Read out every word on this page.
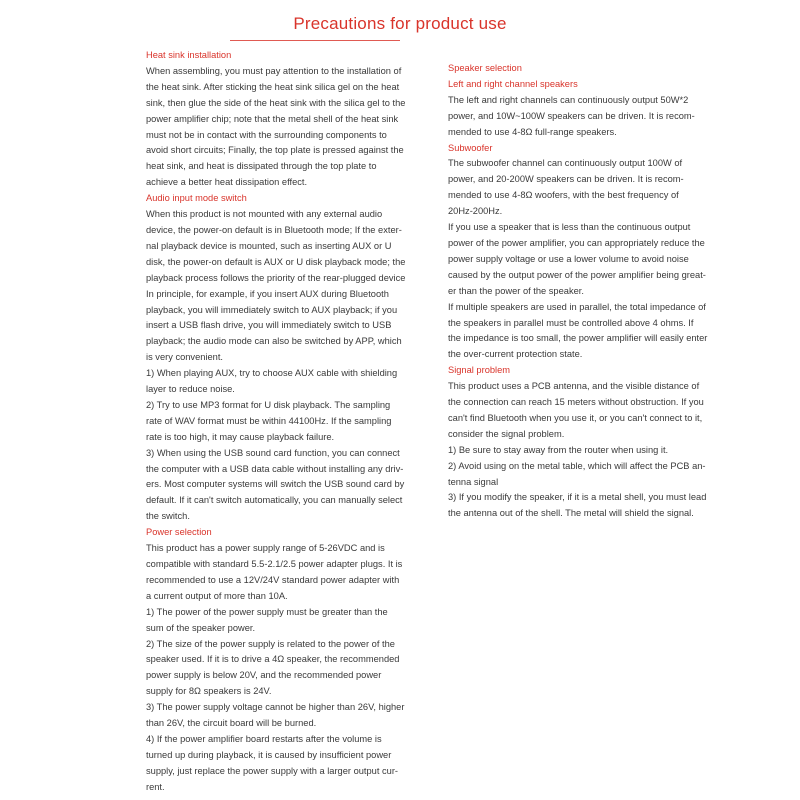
Precautions for product use
Heat sink installation
When assembling, you must pay attention to the installation of
the heat sink. After sticking the heat sink silica gel on the heat
sink, then glue the side of the heat sink with the silica gel to the
power amplifier chip; note that the metal shell of the heat sink
must not be in contact with the surrounding components to
avoid short circuits; Finally, the top plate is pressed against the
heat sink, and heat is dissipated through the top plate to
achieve a better heat dissipation effect.
Audio input mode switch
When this product is not mounted with any external audio
device, the power-on default is in Bluetooth mode; If the exter-
nal playback device is mounted, such as inserting AUX or U
disk, the power-on default is AUX or U disk playback mode; the
playback process follows the priority of the rear-plugged device
In principle, for example, if you insert AUX during Bluetooth
playback, you will immediately switch to AUX playback; if you
insert a USB flash drive, you will immediately switch to USB
playback; the audio mode can also be switched by APP, which
is very convenient.
1) When playing AUX, try to choose AUX cable with shielding
layer to reduce noise.
2) Try to use MP3 format for U disk playback. The sampling
rate of WAV format must be within 44100Hz. If the sampling
rate is too high, it may cause playback failure.
3) When using the USB sound card function, you can connect
the computer with a USB data cable without installing any driv-
ers. Most computer systems will switch the USB sound card by
default. If it can't switch automatically, you can manually select
the switch.
Power selection
This product has a power supply range of 5-26VDC and is
compatible with standard 5.5-2.1/2.5 power adapter plugs. It is
recommended to use a 12V/24V standard power adapter with
a current output of more than 10A.
1) The power of the power supply must be greater than the
sum of the speaker power.
2) The size of the power supply is related to the power of the
speaker used. If it is to drive a 4Ω speaker, the recommended
power supply is below 20V, and the recommended power
supply for 8Ω speakers is 24V.
3) The power supply voltage cannot be higher than 26V, higher
than 26V, the circuit board will be burned.
4) If the power amplifier board restarts after the volume is
turned up during playback, it is caused by insufficient power
supply, just replace the power supply with a larger output cur-
rent.
Speaker selection
Left and right channel speakers
The left and right channels can continuously output 50W*2
power, and 10W~100W speakers can be driven. It is recom-
mended to use 4-8Ω full-range speakers.
Subwoofer
The subwoofer channel can continuously output 100W of
power, and 20-200W speakers can be driven. It is recom-
mended to use 4-8Ω woofers, with the best frequency of
20Hz-200Hz.
If you use a speaker that is less than the continuous output
power of the power amplifier, you can appropriately reduce the
power supply voltage or use a lower volume to avoid noise
caused by the output power of the power amplifier being great-
er than the power of the speaker.
If multiple speakers are used in parallel, the total impedance of
the speakers in parallel must be controlled above 4 ohms. If
the impedance is too small, the power amplifier will easily enter
the over-current protection state.
Signal problem
This product uses a PCB antenna, and the visible distance of
the connection can reach 15 meters without obstruction. If you
can't find Bluetooth when you use it, or you can't connect to it,
consider the signal problem.
1) Be sure to stay away from the router when using it.
2) Avoid using on the metal table, which will affect the PCB an-
tenna signal
3) If you modify the speaker, if it is a metal shell, you must lead
the antenna out of the shell. The metal will shield the signal.
